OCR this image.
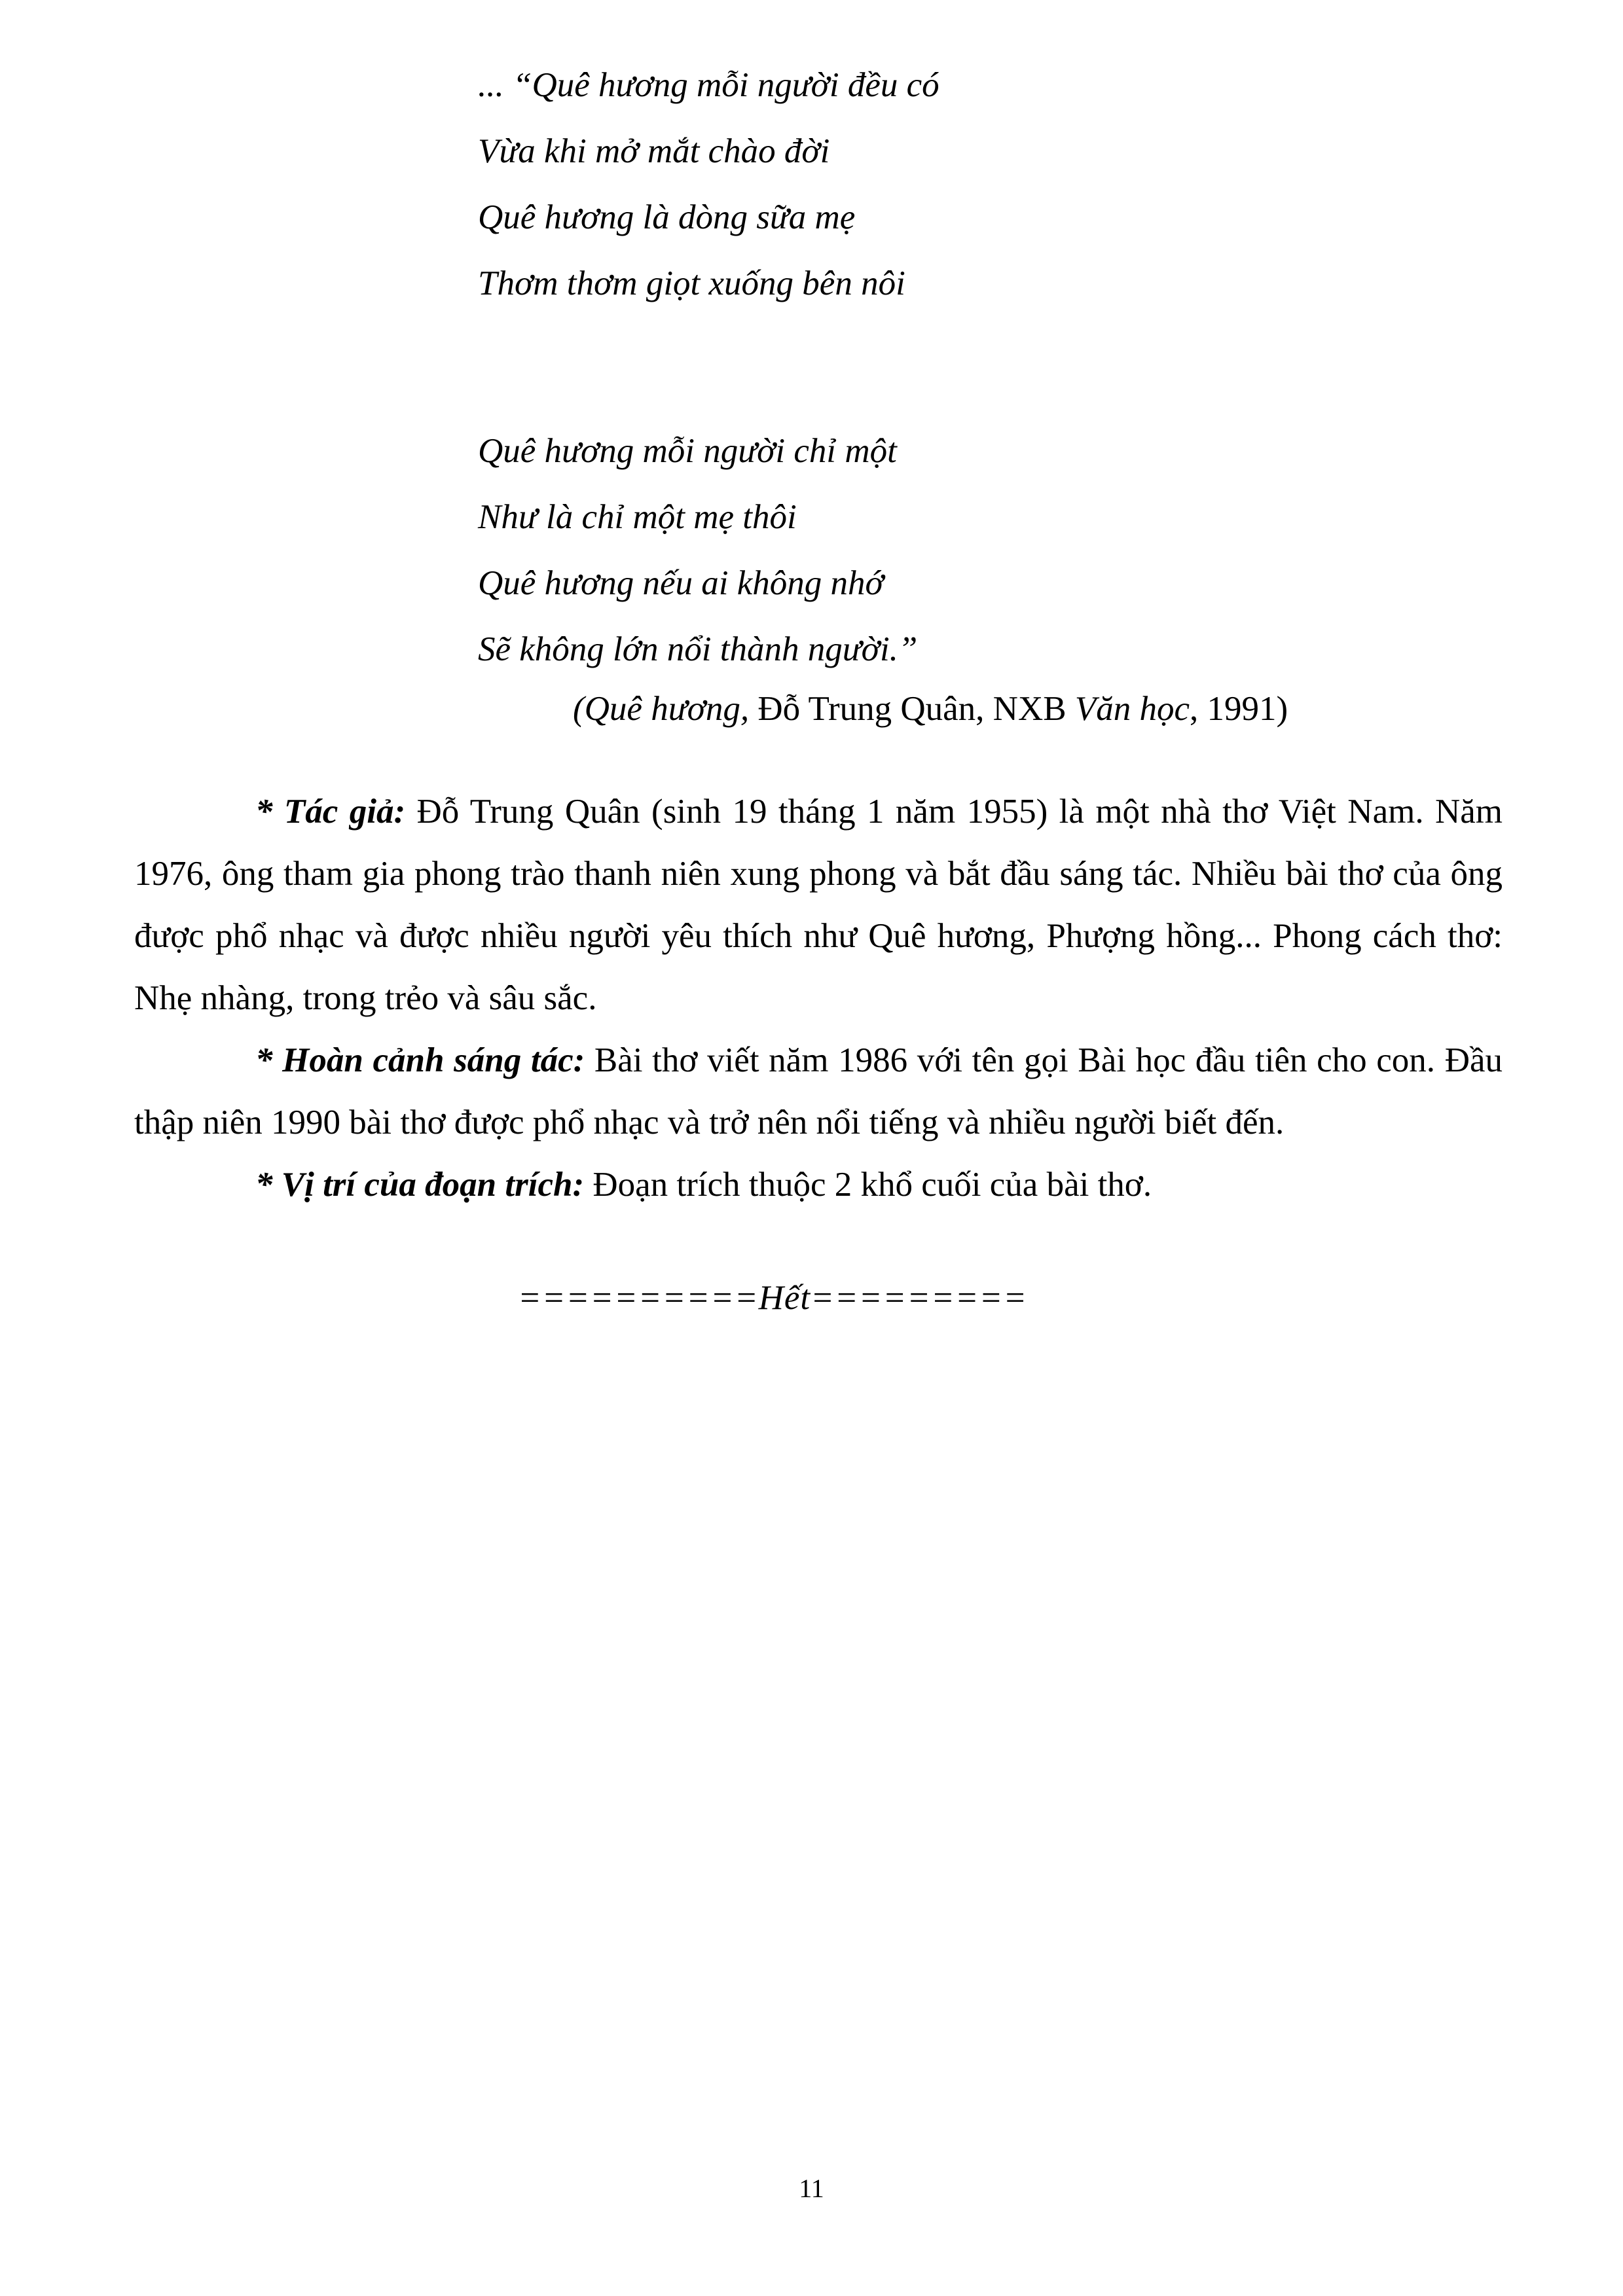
... “Quê hương mỗi người đều có
Vừa khi mở mắt chào đời
Quê hương là dòng sữa mẹ
Thơm thơm giọt xuống bên nôi
Quê hương mỗi người chỉ một
Như là chỉ một mẹ thôi
Quê hương nếu ai không nhớ
Sẽ không lớn nổi thành người.”
(Quê hương, Đỗ Trung Quân, NXB Văn học, 1991)

* Tác giả: Đỗ Trung Quân (sinh 19 tháng 1 năm 1955) là một nhà thơ Việt Nam. Năm 1976, ông tham gia phong trào thanh niên xung phong và bắt đầu sáng tác. Nhiều bài thơ của ông được phổ nhạc và được nhiều người yêu thích như Quê hương, Phượng hồng... Phong cách thơ: Nhẹ nhàng, trong trẻo và sâu sắc.

* Hoàn cảnh sáng tác: Bài thơ viết năm 1986 với tên gọi Bài học đầu tiên cho con. Đầu thập niên 1990 bài thơ được phổ nhạc và trở nên nổi tiếng và nhiều người biết đến.

* Vị trí của đoạn trích: Đoạn trích thuộc 2 khổ cuối của bài thơ.

==========Hết=========
11
